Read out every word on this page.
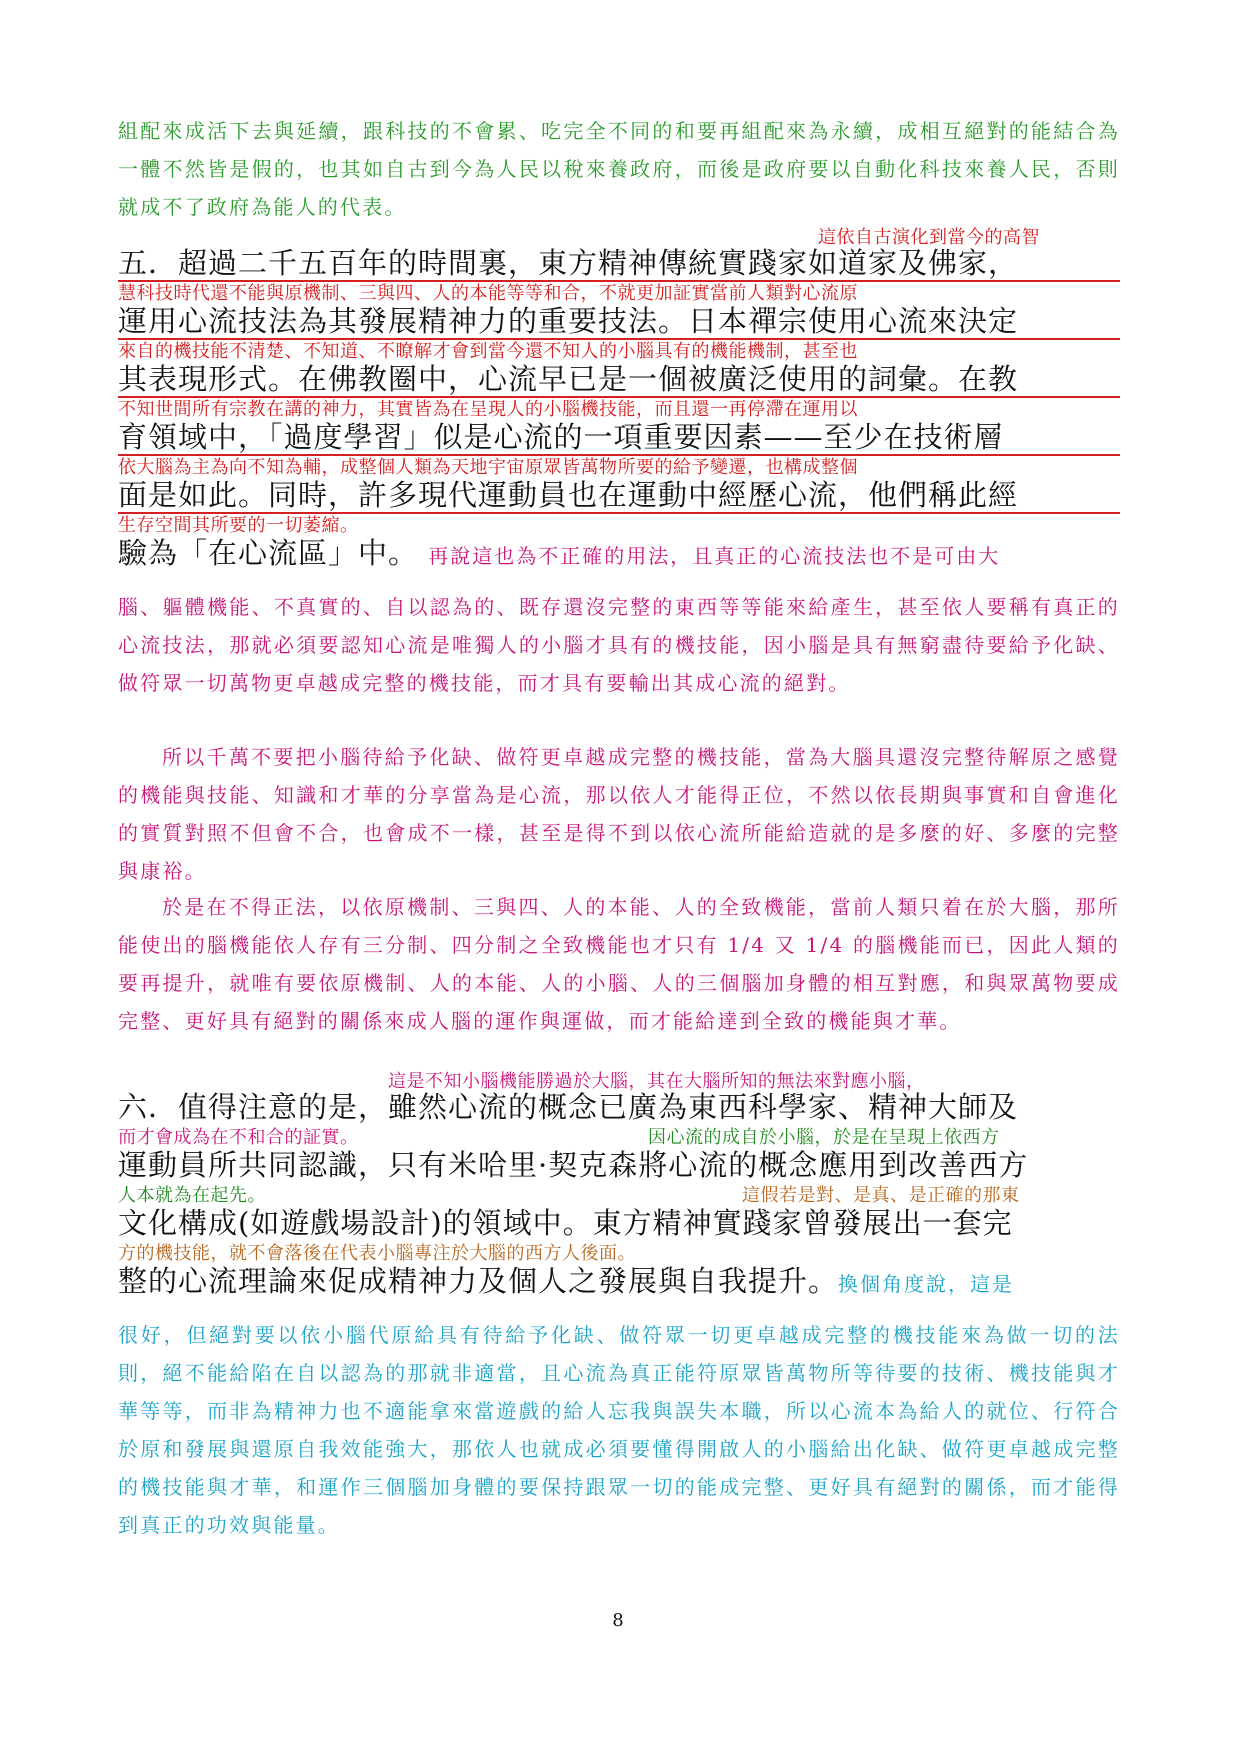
組配來成活下去與延續，跟科技的不會累、吃完全不同的和要再組配來為永續，成相互絕對的能結合為一體不然皆是假的，也其如自古到今為人民以稅來養政府，而後是政府要以自動化科技來養人民，否則就成不了政府為能人的代表。

這依自古演化到當今的高智
五．超過二千五百年的時間裏，東方精神傳統實踐家如道家及佛家，
慧科技時代還不能與原機制、三與四、人的本能等等和合，不就更加証實當前人類對心流原
運用心流技法為其發展精神力的重要技法。日本禪宗使用心流來決定
來自的機技能不清楚、不知道、不瞭解才會到當今還不知人的小腦具有的機能機制，甚至也
其表現形式。在佛教圈中，心流早已是一個被廣泛使用的詞彙。在教
不知世間所有宗教在講的神力，其實皆為在呈現人的小腦機技能，而且還一再停滯在運用以
育領域中，「過度學習」似是心流的一項重要因素——至少在技術層
依大腦為主為向不知為輔，成整個人類為天地宇宙原眾皆萬物所要的給予變遷，也構成整個
面是如此。同時，許多現代運動員也在運動中經歷心流，他們稱此經
生存空間其所要的一切萎縮。
驗為「在心流區」中。 再說這也為不正確的用法，且真正的心流技法也不是可由大

腦、軀體機能、不真實的、自以認為的、既存還沒完整的東西等等能來給產生，甚至依人要稱有真正的心流技法，那就必須要認知心流是唯獨人的小腦才具有的機技能，因小腦是具有無窮盡待要給予化缺、做符眾一切萬物更卓越成完整的機技能，而才具有要輸出其成心流的絕對。

所以千萬不要把小腦待給予化缺、做符更卓越成完整的機技能，當為大腦具還沒完整待解原之感覺的機能與技能、知識和才華的分享當為是心流，那以依人才能得正位，不然以依長期與事實和自會進化的實質對照不但會不合，也會成不一樣，甚至是得不到以依心流所能給造就的是多麼的好、多麼的完整與康裕。

於是在不得正法，以依原機制、三與四、人的本能、人的全致機能，當前人類只着在於大腦，那所能使出的腦機能依人存有三分制、四分制之全致機能也才只有 1/4 又 1/4 的腦機能而已，因此人類的要再提升，就唯有要依原機制、人的本能、人的小腦、人的三個腦加身體的相互對應，和與眾萬物要成完整、更好具有絕對的關係來成人腦的運作與運做，而才能給達到全致的機能與才華。

這是不知小腦機能勝過於大腦，其在大腦所知的無法來對應小腦，
六．值得注意的是，雖然心流的概念已廣為東西科學家、精神大師及
而才會成為在不和合的証實。	因心流的成自於小腦，於是在呈現上依西方
運動員所共同認識，只有米哈里·契克森將心流的概念應用到改善西方
人本就為在起先。	這假若是對、是真、是正確的那東
文化構成(如遊戲場設計)的領域中。東方精神實踐家曾發展出一套完
方的機技能，就不會落後在代表小腦專注於大腦的西方人後面。
整的心流理論來促成精神力及個人之發展與自我提升。換個角度說，這是

很好，但絕對要以依小腦代原給具有待給予化缺、做符眾一切更卓越成完整的機技能來為做一切的法則，絕不能給陷在自以認為的那就非適當，且心流為真正能符原眾皆萬物所等待要的技術、機技能與才華等等，而非為精神力也不適能拿來當遊戲的給人忘我與誤失本職，所以心流本為給人的就位、行符合於原和發展與還原自我效能強大，那依人也就成必須要懂得開啟人的小腦給出化缺、做符更卓越成完整的機技能與才華，和運作三個腦加身體的要保持跟眾一切的能成完整、更好具有絕對的關係，而才能得到真正的功效與能量。

8
